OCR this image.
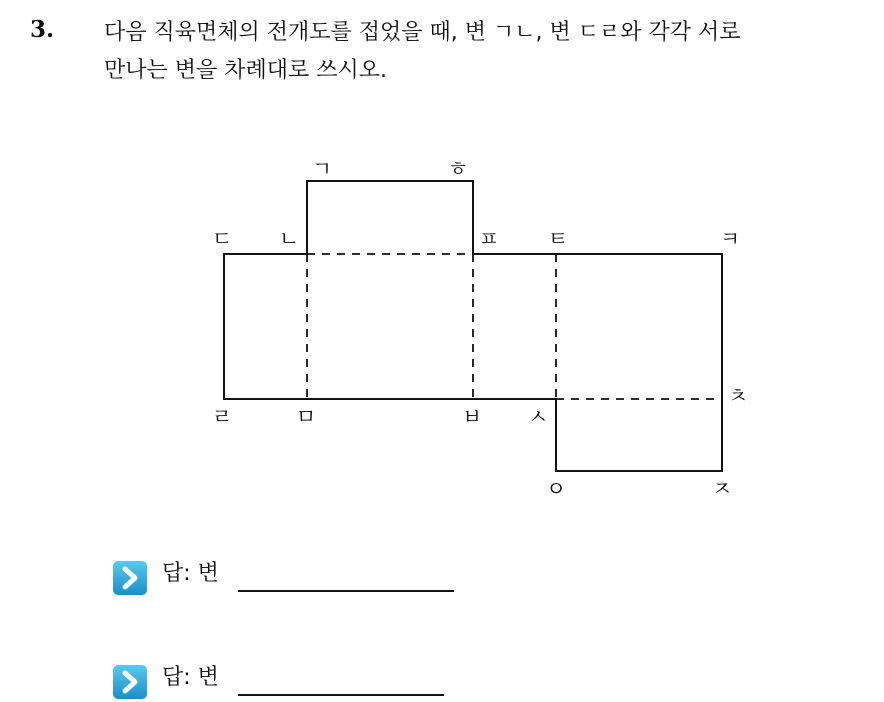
3. 다음 직육면체의 전개도를 접었을 때, 변 ㄱㄴ, 변 ㄷㄹ와 각각 서로
만나는 변을 차례대로 쓰시오.
ㄱ	ㅎ
ㄷ ㄴ	ㅍ ㅌ	ㅋ
ㄹ	ㅁ	ㅂ ㅅ
ㅊ
ㅇ	ㅈ
답: 변
답: 변
